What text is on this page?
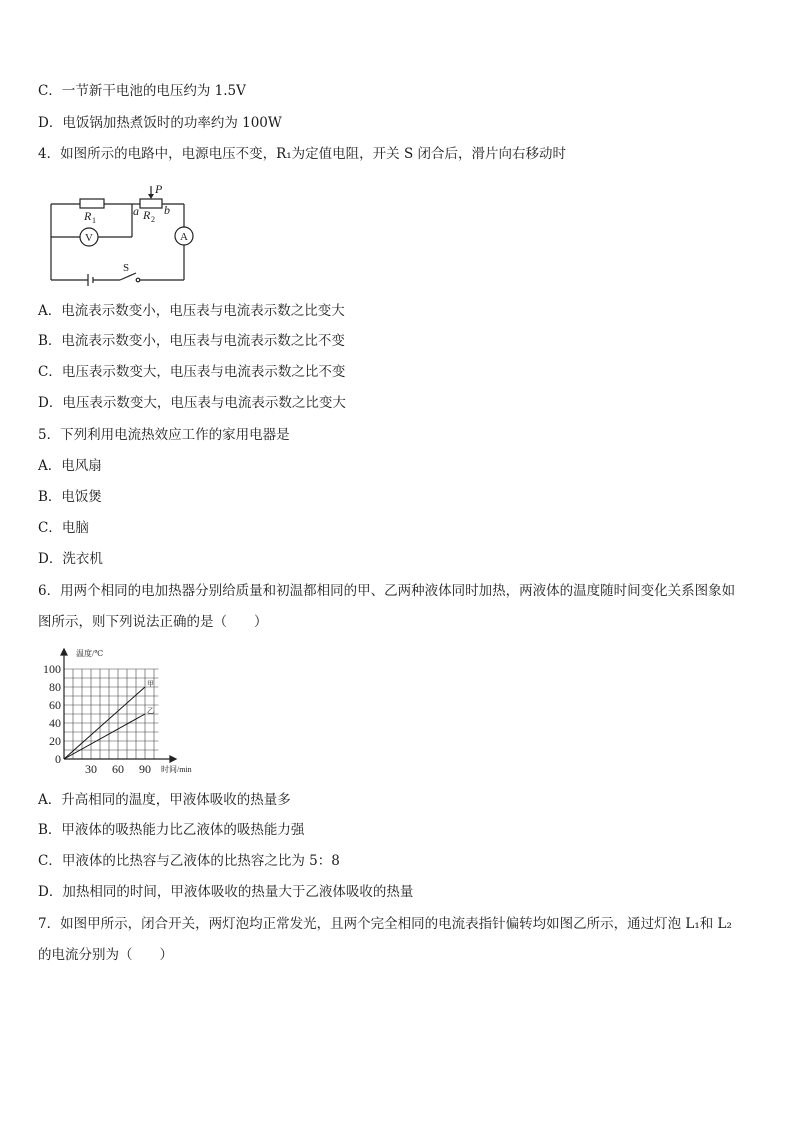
C．一节新干电池的电压约为 1.5V
D．电饭锅加热煮饭时的功率约为 100W
4．如图所示的电路中，电源电压不变，R₁为定值电阻，开关 S 闭合后，滑片向右移动时
R 1	R 2
P
a b
V	A
S
A．电流表示数变小，电压表与电流表示数之比变大
B．电流表示数变小，电压表与电流表示数之比不变
C．电压表示数变大，电压表与电流表示数之比不变
D．电压表示数变大，电压表与电流表示数之比变大
5．下列利用电流热效应工作的家用电器是
A．电风扇
B．电饭煲
C．电脑
D．洗衣机
6．用两个相同的电加热器分别给质量和初温都相同的甲、乙两种液体同时加热，两液体的温度随时间变化关系图象如
图所示，则下列说法正确的是（　　）
0
20
40
60
80
100
30 60 90
甲
乙
温度/℃
时间/min
A．升高相同的温度，甲液体吸收的热量多
B．甲液体的吸热能力比乙液体的吸热能力强
C．甲液体的比热容与乙液体的比热容之比为 5：8
D．加热相同的时间，甲液体吸收的热量大于乙液体吸收的热量
7．如图甲所示，闭合开关，两灯泡均正常发光，且两个完全相同的电流表指针偏转均如图乙所示，通过灯泡 L₁和 L₂
的电流分别为（　　）
